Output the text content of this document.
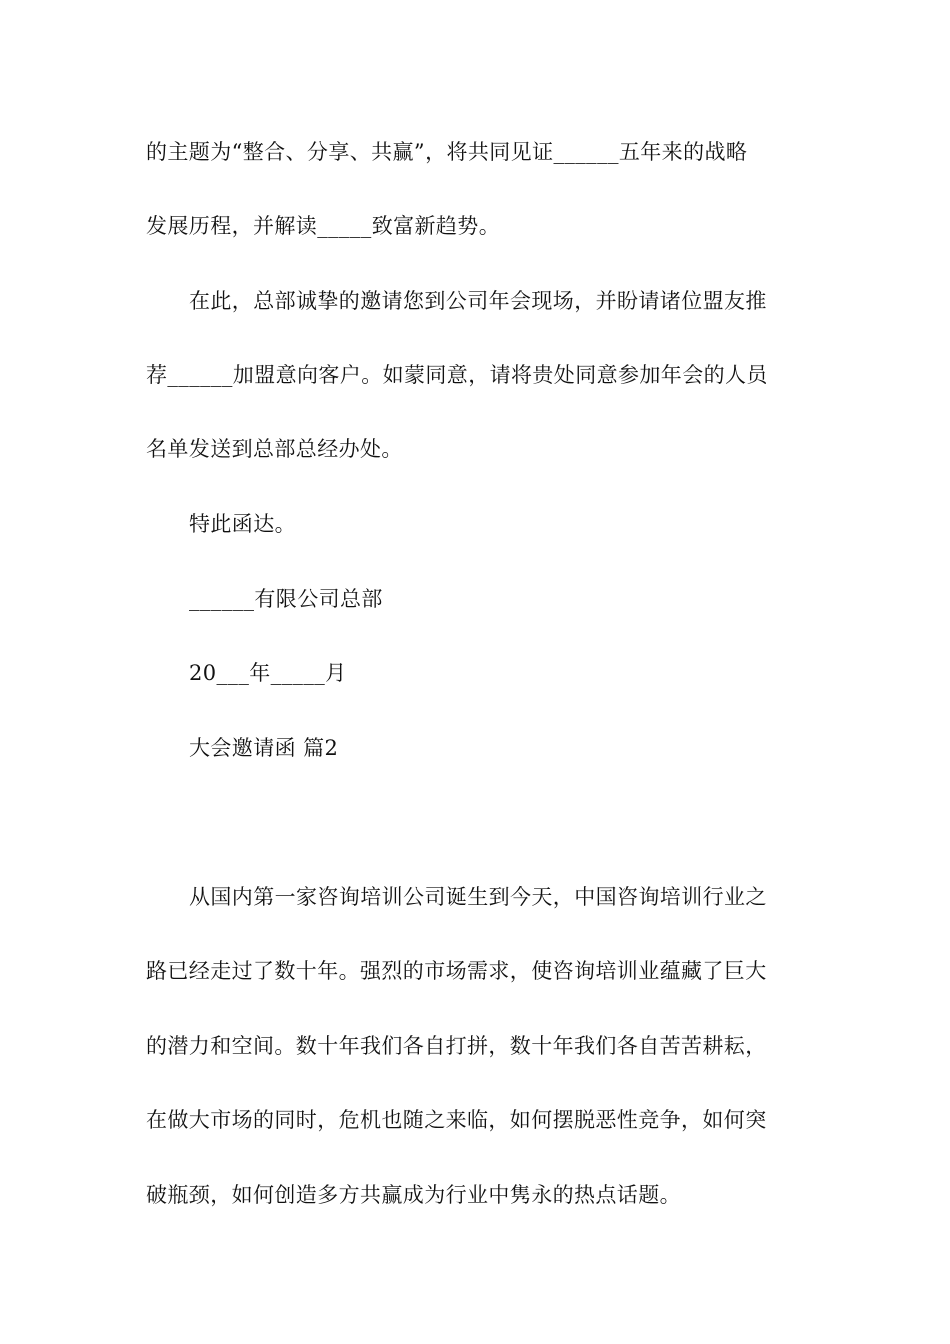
的主题为“整合、分享、共赢”，将共同见证______五年来的战略

发展历程，并解读_____致富新趋势。

在此，总部诚挚的邀请您到公司年会现场，并盼请诸位盟友推

荐______加盟意向客户。如蒙同意，请将贵处同意参加年会的人员

名单发送到总部总经办处。

特此函达。

______有限公司总部

20___年_____月

大会邀请函 篇2

从国内第一家咨询培训公司诞生到今天，中国咨询培训行业之

路已经走过了数十年。强烈的市场需求，使咨询培训业蕴藏了巨大

的潜力和空间。数十年我们各自打拼，数十年我们各自苦苦耕耘，

在做大市场的同时，危机也随之来临，如何摆脱恶性竞争，如何突

破瓶颈，如何创造多方共赢成为行业中隽永的热点话题。
